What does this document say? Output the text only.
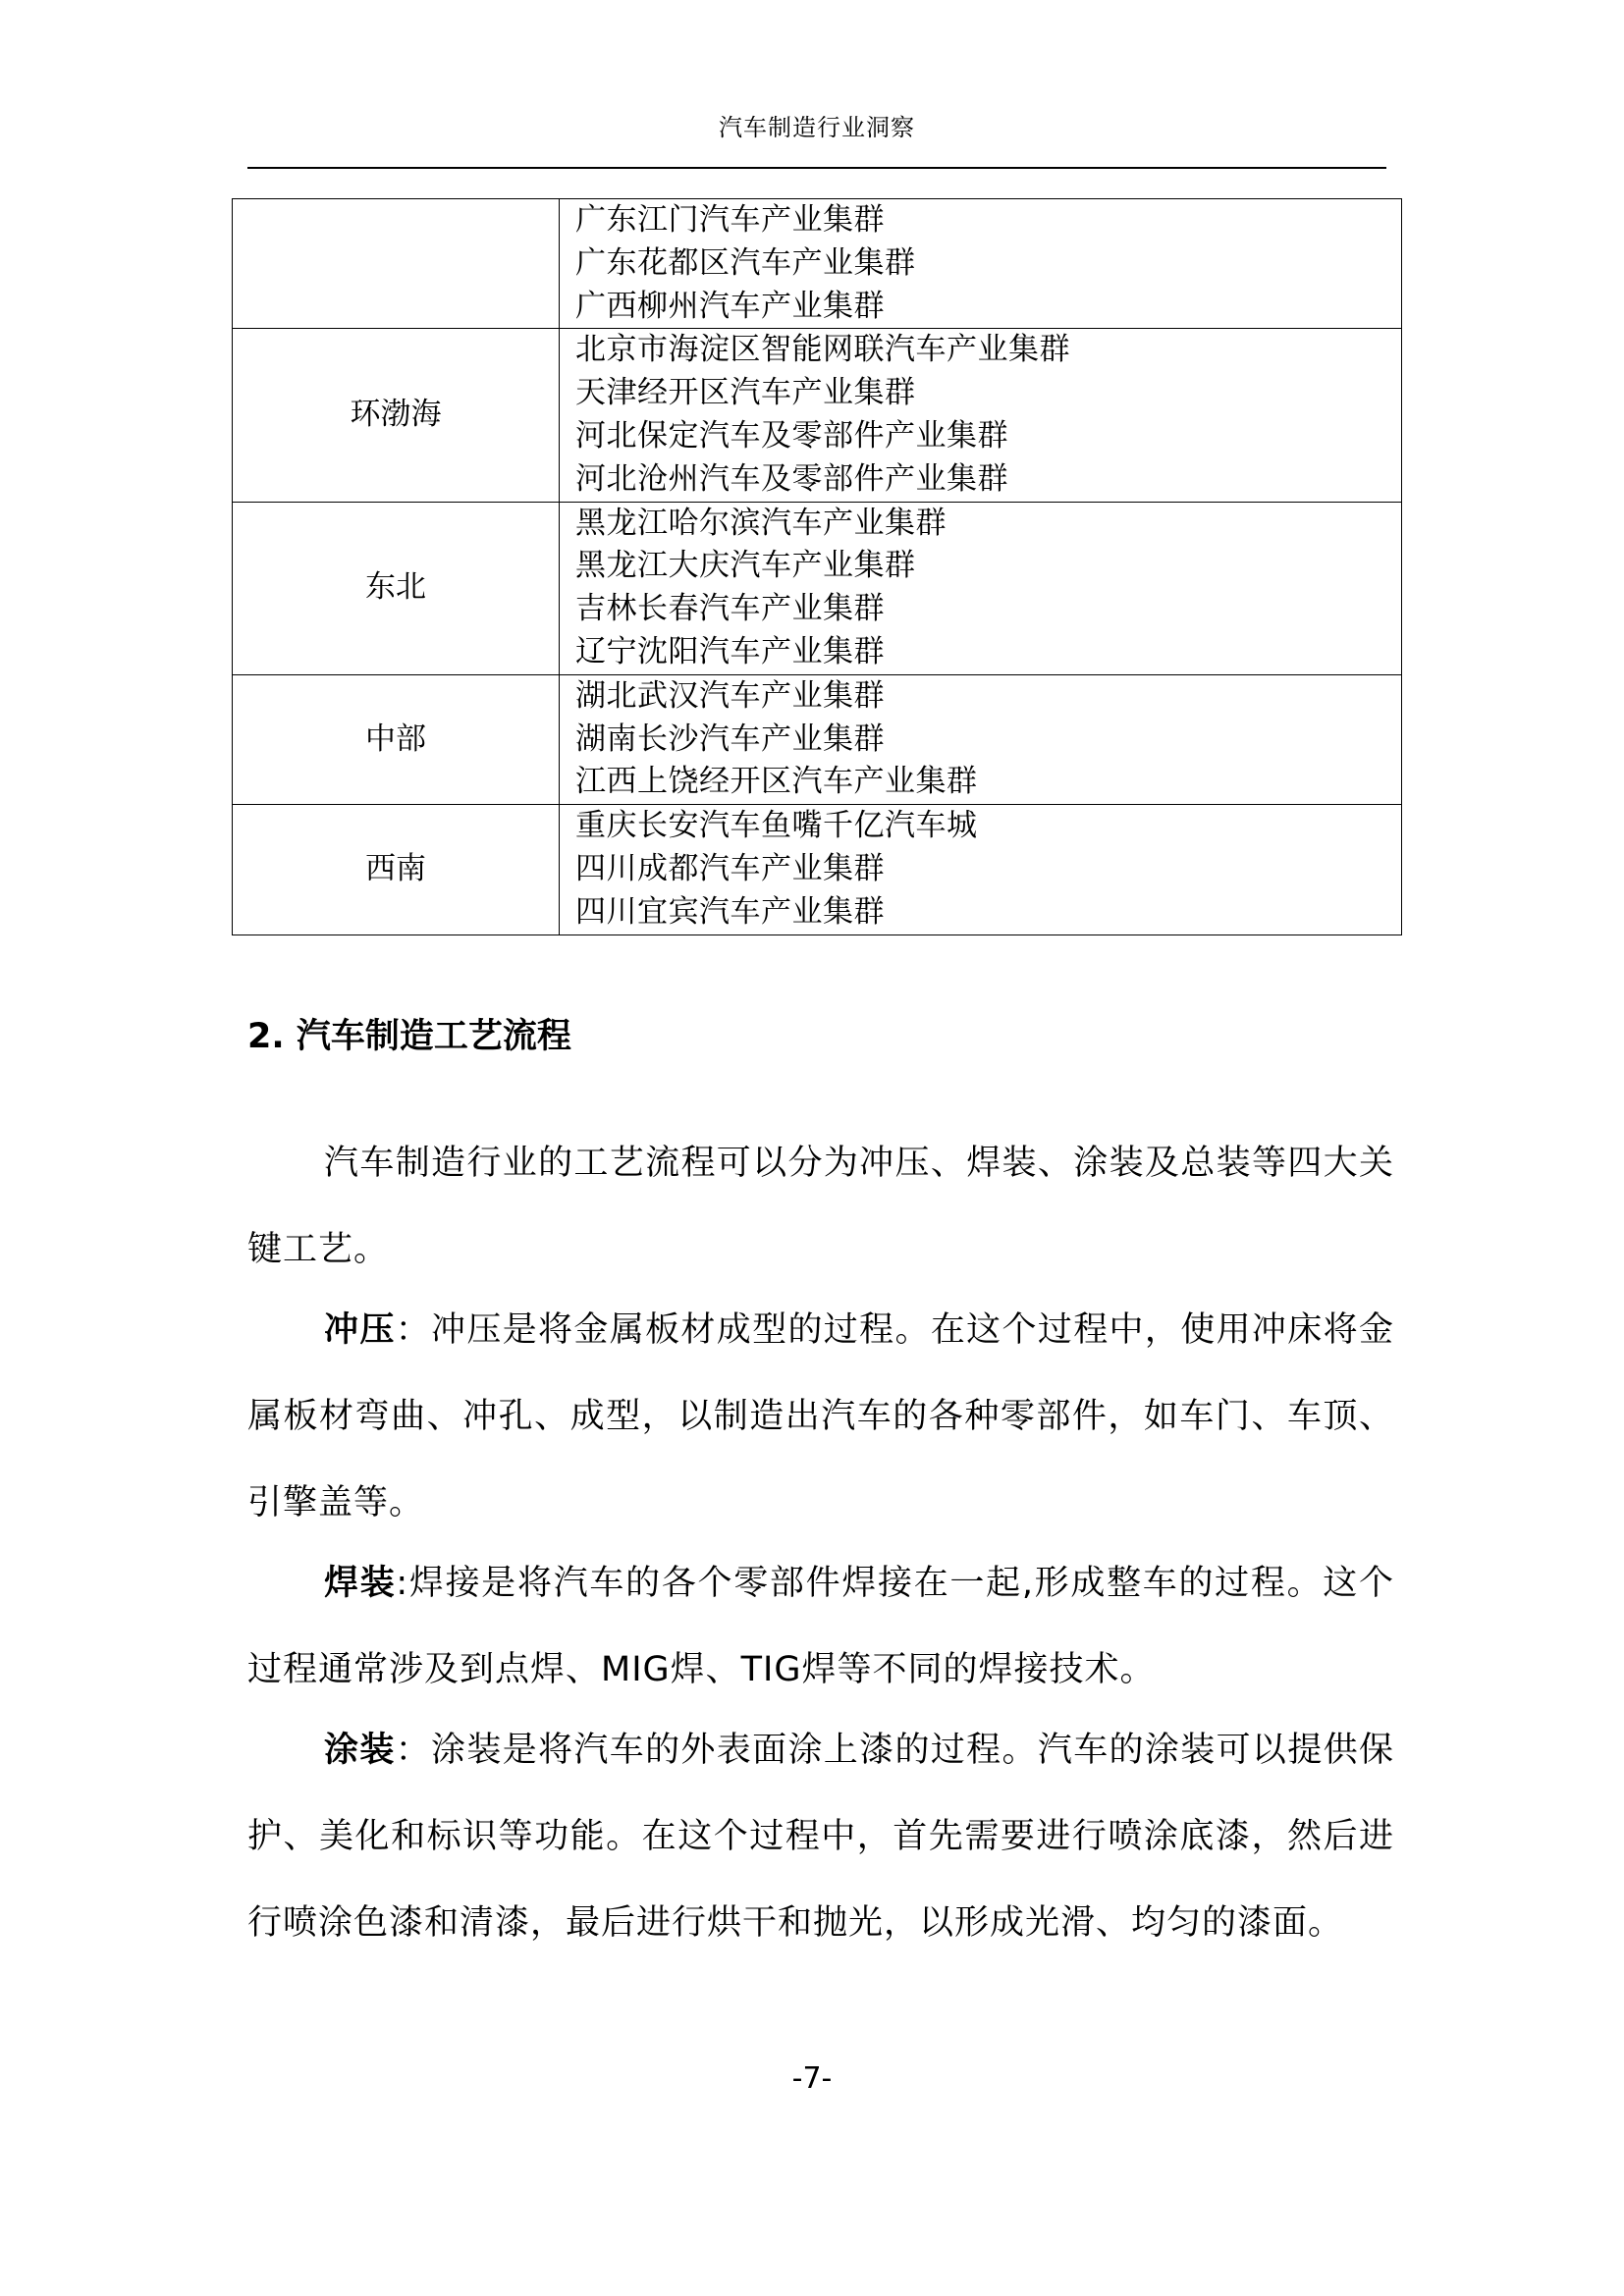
汽车制造行业洞察

	广东江门汽车产业集群
广东花都区汽车产业集群
广西柳州汽车产业集群

环渤海	北京市海淀区智能网联汽车产业集群
天津经开区汽车产业集群
河北保定汽车及零部件产业集群
河北沧州汽车及零部件产业集群

东北	黑龙江哈尔滨汽车产业集群
黑龙江大庆汽车产业集群
吉林长春汽车产业集群
辽宁沈阳汽车产业集群

中部	湖北武汉汽车产业集群
湖南长沙汽车产业集群
江西上饶经开区汽车产业集群

西南	重庆长安汽车鱼嘴千亿汽车城
四川成都汽车产业集群
四川宜宾汽车产业集群
2. 汽车制造工艺流程

汽车制造行业的工艺流程可以分为冲压、焊装、涂装及总装等四大关键工艺。

冲压：冲压是将金属板材成型的过程。在这个过程中，使用冲床将金属板材弯曲、冲孔、成型，以制造出汽车的各种零部件，如车门、车顶、引擎盖等。

焊装:焊接是将汽车的各个零部件焊接在一起,形成整车的过程。这个过程通常涉及到点焊、MIG焊、TIG焊等不同的焊接技术。

涂装：涂装是将汽车的外表面涂上漆的过程。汽车的涂装可以提供保护、美化和标识等功能。在这个过程中，首先需要进行喷涂底漆，然后进行喷涂色漆和清漆，最后进行烘干和抛光，以形成光滑、均匀的漆面。

-7-
